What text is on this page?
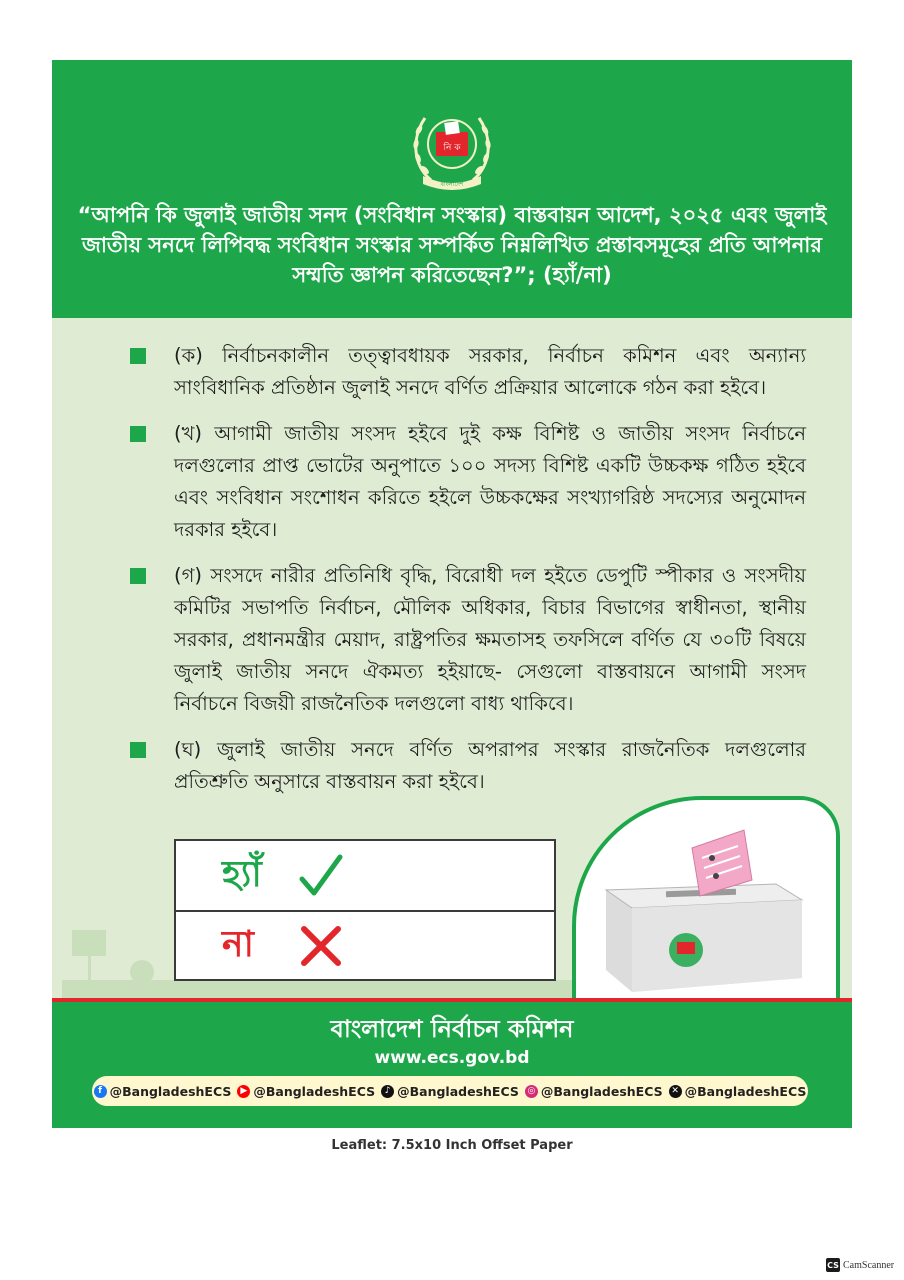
নি ক
বাংলাদেশ
“আপনি কি জুলাই জাতীয় সনদ (সংবিধান সংস্কার) বাস্তবায়ন আদেশ, ২০২৫ এবং জুলাই জাতীয় সনদে লিপিবদ্ধ সংবিধান সংস্কার সম্পর্কিত নিম্নলিখিত প্রস্তাবসমূহের প্রতি আপনার সম্মতি জ্ঞাপন করিতেছেন?”; (হ্যাঁ/না)
(ক) নির্বাচনকালীন তত্ত্বাবধায়ক সরকার, নির্বাচন কমিশন এবং অন্যান্য সাংবিধানিক প্রতিষ্ঠান জুলাই সনদে বর্ণিত প্রক্রিয়ার আলোকে গঠন করা হইবে।
(খ) আগামী জাতীয় সংসদ হইবে দুই কক্ষ বিশিষ্ট ও জাতীয় সংসদ নির্বাচনে দলগুলোর প্রাপ্ত ভোটের অনুপাতে ১০০ সদস্য বিশিষ্ট একটি উচ্চকক্ষ গঠিত হইবে এবং সংবিধান সংশোধন করিতে হইলে উচ্চকক্ষের সংখ্যাগরিষ্ঠ সদস্যের অনুমোদন দরকার হইবে।
(গ) সংসদে নারীর প্রতিনিধি বৃদ্ধি, বিরোধী দল হইতে ডেপুটি স্পীকার ও সংসদীয় কমিটির সভাপতি নির্বাচন, মৌলিক অধিকার, বিচার বিভাগের স্বাধীনতা, স্থানীয় সরকার, প্রধানমন্ত্রীর মেয়াদ, রাষ্ট্রপতির ক্ষমতাসহ তফসিলে বর্ণিত যে ৩০টি বিষয়ে জুলাই জাতীয় সনদে ঐকমত্য হইয়াছে- সেগুলো বাস্তবায়নে আগামী সংসদ নির্বাচনে বিজয়ী রাজনৈতিক দলগুলো বাধ্য থাকিবে।
(ঘ) জুলাই জাতীয় সনদে বর্ণিত অপরাপর সংস্কার রাজনৈতিক দলগুলোর প্রতিশ্রুতি অনুসারে বাস্তবায়ন করা হইবে।
হ্যাঁ
না
বাংলাদেশ নির্বাচন কমিশন
www.ecs.gov.bd
f @BangladeshECS	▶ @BangladeshECS	♪ @BangladeshECS ◎ @BangladeshECS ✕ @BangladeshECS
Leaflet: 7.5x10 Inch Offset Paper
CS CamScanner
